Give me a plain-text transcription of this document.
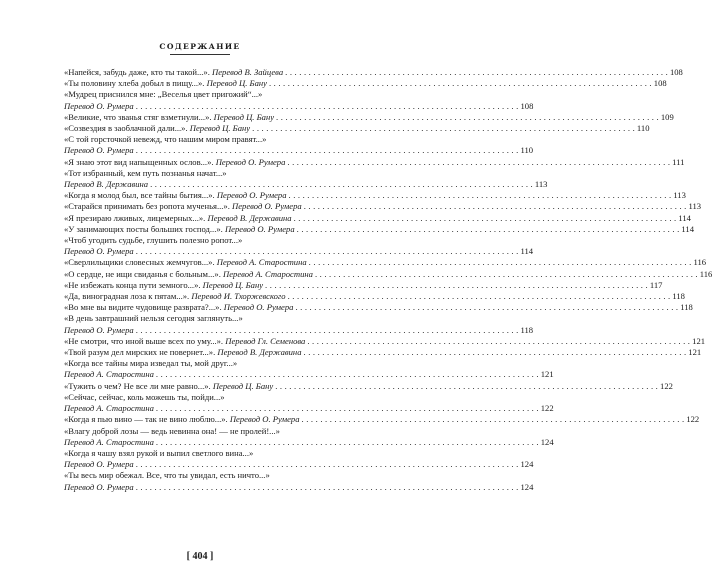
СОДЕРЖАНИЕ
«Напейся, забудь даже, кто ты такой...». Перевод В. Зайцева . . .	108
«Ты половину хлеба добыл в пищу...». Перевод Ц. Бану . . .	108
«Мудрец приснился мне: „Веселья цвет пригожий“...»
Перевод О. Румера . . .	108
«Великие, что званья стяг взметнули...». Перевод Ц. Бану . . .	109
«Созвездия в заоблачной дали...». Перевод Ц. Бану . . .	110
«С той горсточкой невежд, что нашим миром правят...»
Перевод О. Румера . . .	110
«Я знаю этот вид напыщенных ослов...». Перевод О. Румера . . .	111
«Тот избранный, кем путь познанья начат...»
Перевод В. Державина . . .	113
«Когда я молод был, все тайны бытия...». Перевод О. Румера . . .	113
«Старайся принимать без ропота мученья...». Перевод О. Румера . . .	113
«Я презираю лживых, лицемерных...». Перевод В. Державина . . .	114
«У занимающих посты больших господ...». Перевод О. Румера . . .	114
«Чтоб угодить судьбе, глушить полезно ропот...»
Перевод О. Румера . . .	114
«Сверлильщики словесных жемчугов...». Перевод А. Старостина . . .	116
«О сердце, не ищи свиданья с больным...». Перевод А. Старостина . . .	116
«Не избежать конца пути земного...». Перевод Ц. Бану . . .	117
«Да, виноградная лоза к пятам...». Перевод И. Тхоржевского . . .	118
«Во мне вы видите чудовище разврата?...». Перевод О. Румера . . .	118
«В день завтрашний нельзя сегодня заглянуть...»
Перевод О. Румера . . .	118
«Не смотри, что иной выше всех по уму...». Перевод Гл. Семенова . . .	121
«Твой разум дел мирских не повернет...». Перевод В. Державина . . .	121
«Когда все тайны мира изведал ты, мой друг...»
Перевод А. Старостина . . .	121
«Тужить о чем? Не все ли мне равно...». Перевод Ц. Бану . . .	122
«Сейчас, сейчас, коль можешь ты, пойди...»
Перевод А. Старостина . . .	122
«Когда я пью вино — так не вино люблю...». Перевод О. Румера . . .	122
«Влагу доброй лозы — ведь невинна она! — не пролей!...»
Перевод А. Старостина . . .	124
«Когда я чашу взял рукой и выпил светлого вина...»
Перевод О. Румера . . .	124
«Ты весь мир обежал. Все, что ты увидал, есть ничто...»
Перевод О. Румера . . .	124
[ 404 ]
